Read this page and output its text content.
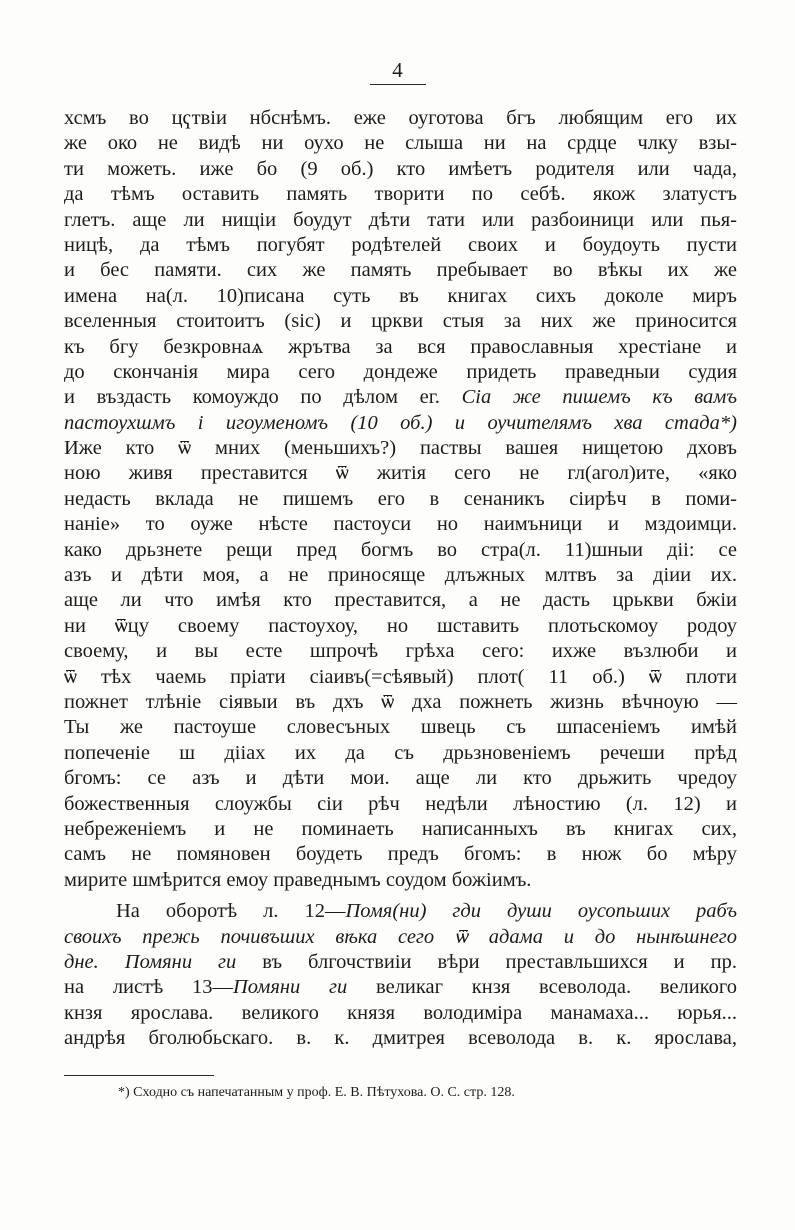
4
хсмъ во цҁтвіи нбснѣмъ. еже оуготова бгъ любящим его их
же око не видѣ ни оухо не слыша ни на срдце члку взы-
ти можеть. иже бо (9 об.) кто имѣетъ родителя или чада,
да тѣмъ оставить память творити по себѣ. якож златустъ
глетъ. аще ли нищіи боудут дѣти тати или разбоиници или пья-
ницѣ, да тѣмъ погубят родѣтелей своих и боудоуть пусти
и бес памяти. сих же память пребывает во вѣкы их же
имена на(л. 10)писана суть въ книгах сихъ доколе миръ
вселенныя стоитоитъ (sic) и цркви стыя за них же приносится
къ бгу безкровнаѧ жрътва за вся православныя хрестіане и
до скончанія мира сего дондеже придеть праведныи судия
и въздасть комоуждо по дѣлом ег. Сіа же пишемъ къ вамъ
пастоухшмъ і игоуменомъ (10 об.) и оучителямъ хва стада*)
Иже кто ѿ мних (меньшихъ?) паствы вашея нищетою дховъ
ною живя преставится ѿ житія сего не гл(агол)ите, «яко
недасть вклада не пишемъ его в сенаникъ сіирѣч в поми-
наніе» то оуже нѣсте пастоуси но наимъници и мздоимци.
како дрьзнете рещи пред богмъ во стра(л. 11)шныи діі: се
азъ и дѣти моя, а не приносяще длъжных млтвъ за діии их.
аще ли что имѣя кто преставится, а не дасть црькви бжіи
ни ѿцу своему пастоухоу, но шставить плотьскомоу родоу
своему, и вы есте шпрочѣ грѣха сего: ихже възлюби и
ѿ тѣх чаемь пріати сіаивъ(=сѣявый) плот( 11 об.) ѿ плоти
пожнет тлѣніе сіявыи въ дхъ ѿ дха пожнеть жизнь вѣчноую —
Ты же пастоуше словесъных швець съ шпасеніемъ имѣй
попеченіе ш діiах их да съ дрьзновеніемъ речеши прѣд
бгомъ: се азъ и дѣти мои. аще ли кто дрьжить чредоу
божественныя слоужбы сіи рѣч недѣли лѣностию (л. 12) и
небреженіемъ и не поминаеть написанныхъ въ книгах сих,
самъ не помяновен боудеть предъ бгомъ: в нюж бо мѣру
мирите шмѣрится емоу праведнымъ соудом божіимъ.
На оборотѣ л. 12—Помя(ни) гди души оусопьших рабъ
своихъ прежь почивъших вѣка сего ѿ адама и до нынѣшнего
дне. Помяни ги въ блгочствиіи вѣри преставльшихся и пр.
на листѣ 13—Помяни ги великаг кнзя всеволода. великого
кнзя ярослава. великого князя володиміра манамаха... юрья...
андрѣя бголюбьскаго. в. к. дмитрея всеволода в. к. ярослава,
*) Сходно съ напечатанным у проф. Е. В. Пѣтухова. О. С. стр. 128.
